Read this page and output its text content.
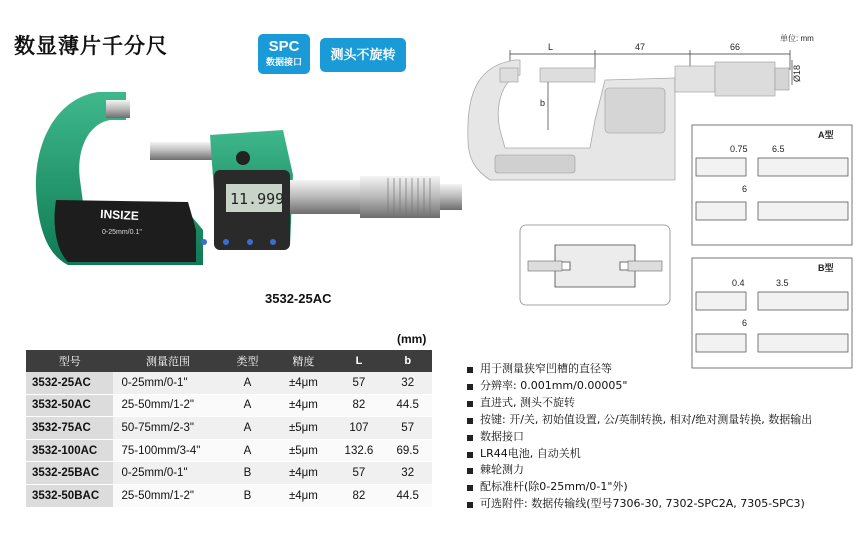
数显薄片千分尺	SPC
数据接口	测头不旋转
INSIZE
0-25mm/0.1"
11.999
3532-25AC
单位: mm
L	47	66
b
Ø18
A型
0.75	6.5
6
B型
0.4	3.5
6
(mm)
型号	测量范围	类型	精度	L	b
3532-25AC	0-25mm/0-1"	A	±4μm	57	32
3532-50AC	25-50mm/1-2"	A	±4μm	82	44.5
3532-75AC	50-75mm/2-3"	A	±5μm	107	57
3532-100AC	75-100mm/3-4"	A	±5μm	132.6	69.5
3532-25BAC	0-25mm/0-1"	B	±4μm	57	32
3532-50BAC	25-50mm/1-2"	B	±4μm	82	44.5
用于测量狭窄凹槽的直径等
分辨率: 0.001mm/0.00005"
直进式, 测头不旋转
按键: 开/关, 初始值设置, 公/英制转换, 相对/绝对测量转换, 数据输出
数据接口
LR44电池, 自动关机
棘轮测力
配标准杆(除0-25mm/0-1"外)
可选附件: 数据传输线(型号7306-30, 7302-SPC2A, 7305-SPC3)
